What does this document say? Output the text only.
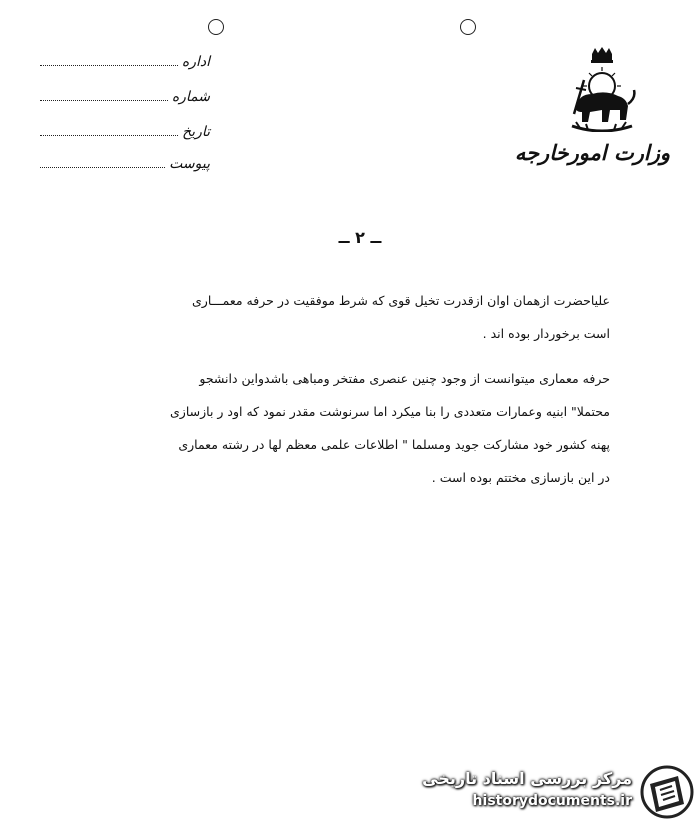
اداره
شماره
تاریخ
پیوست	وزارت امورخارجه
ــ ۲ ــ
علیاحضرت ازهمان اوان ازقدرت تخیل قوی که شرط موفقیت در حرفه معمـــاری
است برخوردار بوده اند .
حرفه معماری میتوانست از وجود چنین عنصری مفتخر ومباهی باشدواین دانشجو
محتملا" ابنیه وعمارات متعددی را بنا میکرد اما سرنوشت مقدر نمود که اود ر بازسازی
پهنه کشور خود مشارکت جوید ومسلما " اطلاعات علمی معظم لها در رشته معماری
در این بازسازی مختتم بوده است .
مرکز بررسی اسناد تاریخی
historydocuments.ir
